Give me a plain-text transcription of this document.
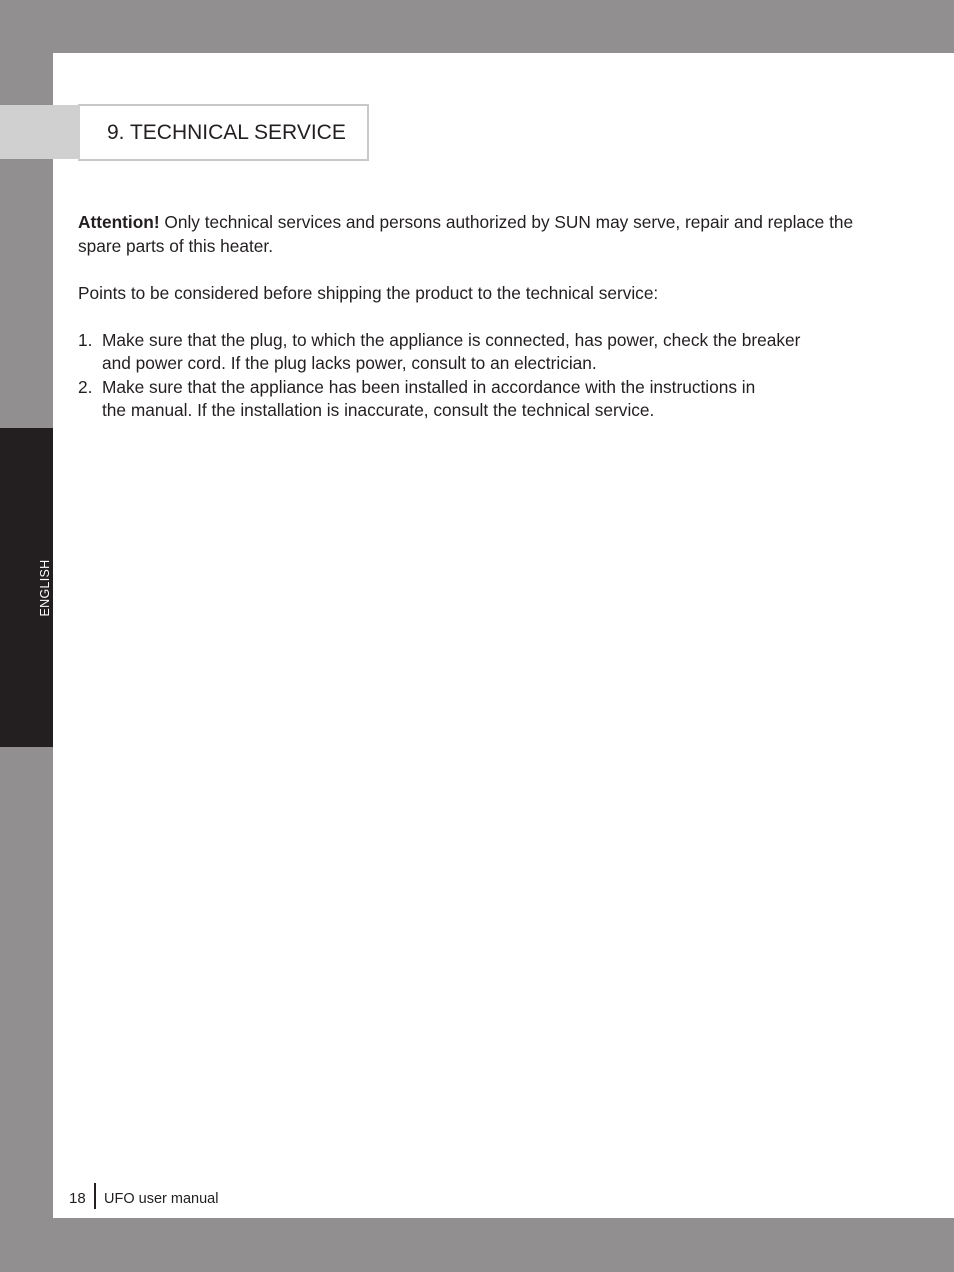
ENGLISH
9. TECHNICAL SERVICE

Attention! Only technical services and persons authorized by SUN may serve, repair and replace the
spare parts of this heater.

Points to be considered before shipping the product to the technical service:

1. Make sure that the plug, to which the appliance is connected, has power, check the breaker
and power cord. If the plug lacks power, consult to an electrician.
2. Make sure that the appliance has been installed in accordance with the instructions in
the manual. If the installation is inaccurate, consult the technical service.
18 UFO user manual
